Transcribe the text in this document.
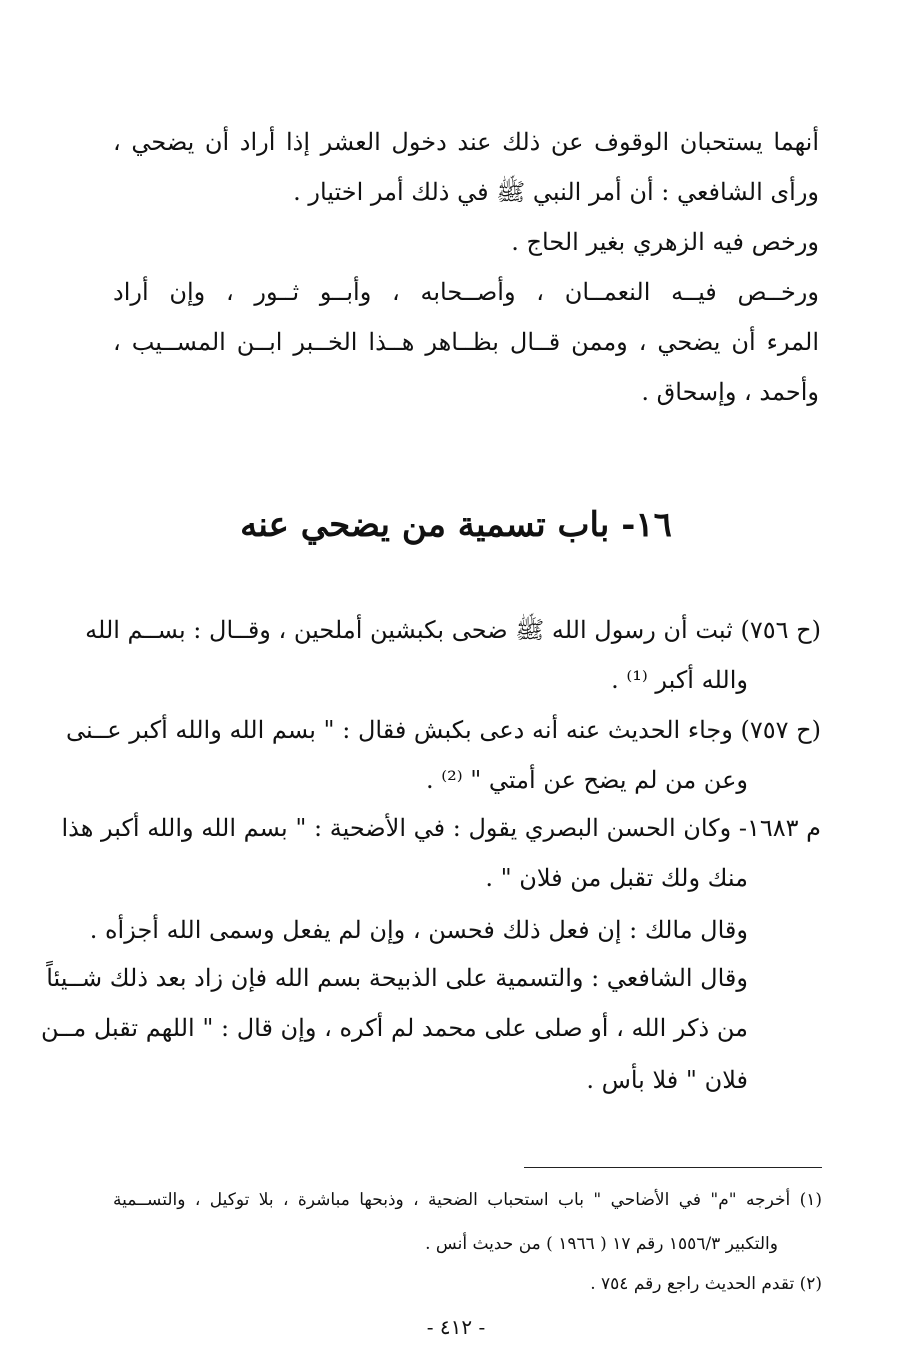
أنهما يستحبان الوقوف عن ذلك عند دخول العشر إذا أراد أن يضحي ،

ورأى الشافعي : أن أمر النبي ﷺ في ذلك أمر اختيار .

ورخص فيه الزهري بغير الحاج .

ورخــص فيــه النعمــان ، وأصــحابه ، وأبــو ثــور ، وإن أراد

المرء أن يضحي ، وممن قــال بظــاهر هــذا الخــبر ابــن المســيب ،

وأحمد ، وإسحاق .

١٦- باب تسمية من يضحي عنه

(ح ٧٥٦) ثبت أن رسول الله ﷺ ضحى بكبشين أملحين ، وقــال : بســم الله

والله أكبر ⁽¹⁾ .

(ح ٧٥٧) وجاء الحديث عنه أنه دعى بكبش فقال : " بسم الله والله أكبر عــنى

وعن من لم يضح عن أمتي " ⁽²⁾ .

م ١٦٨٣- وكان الحسن البصري يقول : في الأضحية : " بسم الله والله أكبر هذا

منك ولك تقبل من فلان " .

وقال مالك : إن فعل ذلك فحسن ، وإن لم يفعل وسمى الله أجزأه .

وقال الشافعي : والتسمية على الذبيحة بسم الله فإن زاد بعد ذلك شــيئاً

من ذكر الله ، أو صلى على محمد لم أكره ، وإن قال : " اللهم تقبل مــن

فلان " فلا بأس .

(١) أخرجه "م" في الأضاحي " باب استحباب الضحية ، وذبحها مباشرة ، بلا توكيل ، والتســمية

والتكبير ١٥٥٦/٣ رقم ١٧ ( ١٩٦٦ ) من حديث أنس .

(٢) تقدم الحديث راجع رقم ٧٥٤ .

- ٤١٢ -
